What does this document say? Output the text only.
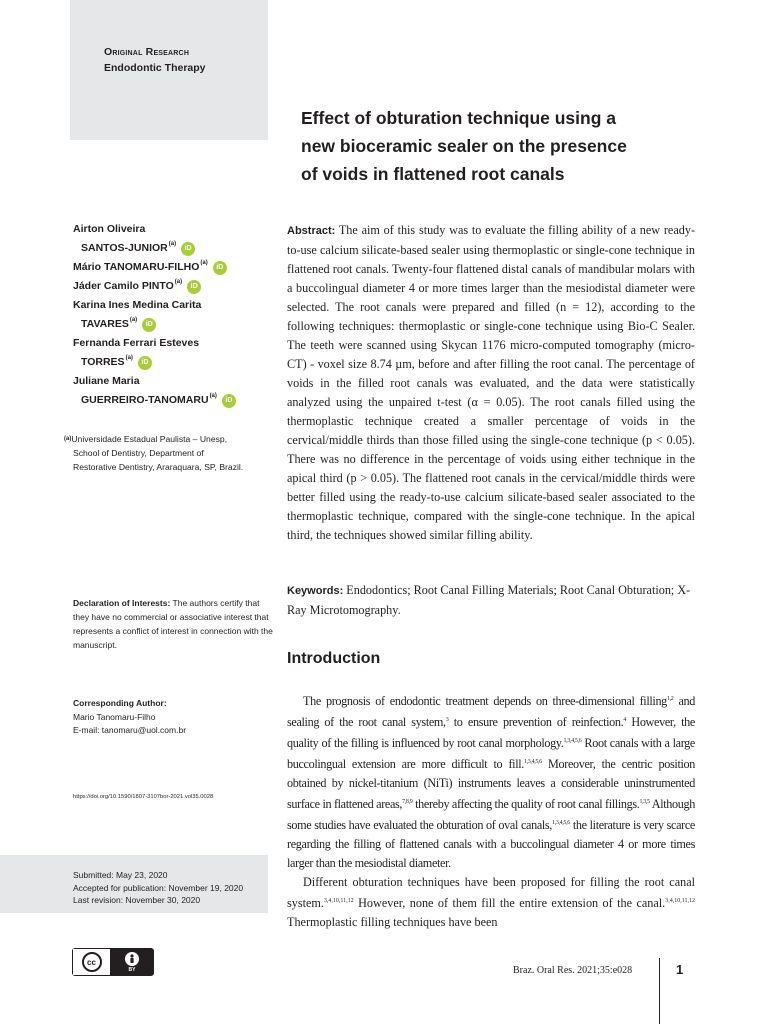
Original Research
Endodontic Therapy
Effect of obturation technique using a
new bioceramic sealer on the presence
of voids in flattened root canals
Airton Oliveira
SANTOS-JUNIOR$^{(a)}$
iD
Mário
TANOMARU-FILHO$^{(a)}$
iD
Jáder Camilo
PINTO$^{(a)}$
iD
Karina Ines Medina Carita
TAVARES$^{(a)}$
iD
Fernanda Ferrari Esteves
TORRES$^{(a)}$
iD
Juliane Maria
GUERREIRO-TANOMARU$^{(a)}$
iD
$^{(a)}$Universidade Estadual Paulista – Unesp,
School of Dentistry, Department of
Restorative Dentistry, Araraquara, SP, Brazil.
Declaration of Interests: The authors certify that they have no commercial or associative interest that represents a conflict of interest in connection with the manuscript.
Corresponding Author:
Mario Tanomaru-Filho
E-mail: tanomaru@uol.com.br
https://doi.org/10.1590/1807-3107bor-2021.vol35.0028
Submitted: May 23, 2020
Accepted for publication: November 19, 2020
Last revision: November 30, 2020
cc
BY
Abstract: The aim of this study was to evaluate the filling ability of a new ready-to-use calcium silicate-based sealer using thermoplastic or single-cone technique in flattened root canals. Twenty-four flattened distal canals of mandibular molars with a buccolingual diameter 4 or more times larger than the mesiodistal diameter were selected. The root canals were prepared and filled (n = 12), according to the following techniques: thermoplastic or single-cone technique using Bio-C Sealer. The teeth were scanned using Skycan 1176 micro-computed tomography (micro-CT) - voxel size 8.74 µm, before and after filling the root canal. The percentage of voids in the filled root canals was evaluated, and the data were statistically analyzed using the unpaired t-test (α = 0.05). The root canals filled using the thermoplastic technique created a smaller percentage of voids in the cervical/middle thirds than those filled using the single-cone technique (p < 0.05). There was no difference in the percentage of voids using either technique in the apical third (p > 0.05). The flattened root canals in the cervical/middle thirds were better filled using the ready-to-use calcium silicate-based sealer associated to the thermoplastic technique, compared with the single-cone technique. In the apical third, the techniques showed similar filling ability.
Keywords: Endodontics; Root Canal Filling Materials; Root Canal Obturation; X-Ray Microtomography.
Introduction

The prognosis of endodontic treatment depends on three-dimensional filling$^{1,2}$ and sealing of the root canal system,$^3$ to ensure prevention of reinfection.$^4$ However, the quality of the filling is influenced by root canal morphology.$^{1,3,4,5,6}$ Root canals with a large buccolingual extension are more difficult to fill.$^{1,3,4,5,6}$ Moreover, the centric position obtained by nickel-titanium (NiTi) instruments leaves a considerable uninstrumented surface in flattened areas,$^{7,8,9}$ thereby affecting the quality of root canal fillings.$^{1,3,5}$ Although some studies have evaluated the obturation of oval canals,$^{1,3,4,5,6}$ the literature is very scarce regarding the filling of flattened canals with a buccolingual diameter 4 or more times larger than the mesiodistal diameter.

Different obturation techniques have been proposed for filling the root canal system.$^{3,4,10,11,12}$ However, none of them fill the entire extension of the canal.$^{3,4,10,11,12}$ Thermoplastic filling techniques have been

Braz. Oral Res. 2021;35:e028	1
